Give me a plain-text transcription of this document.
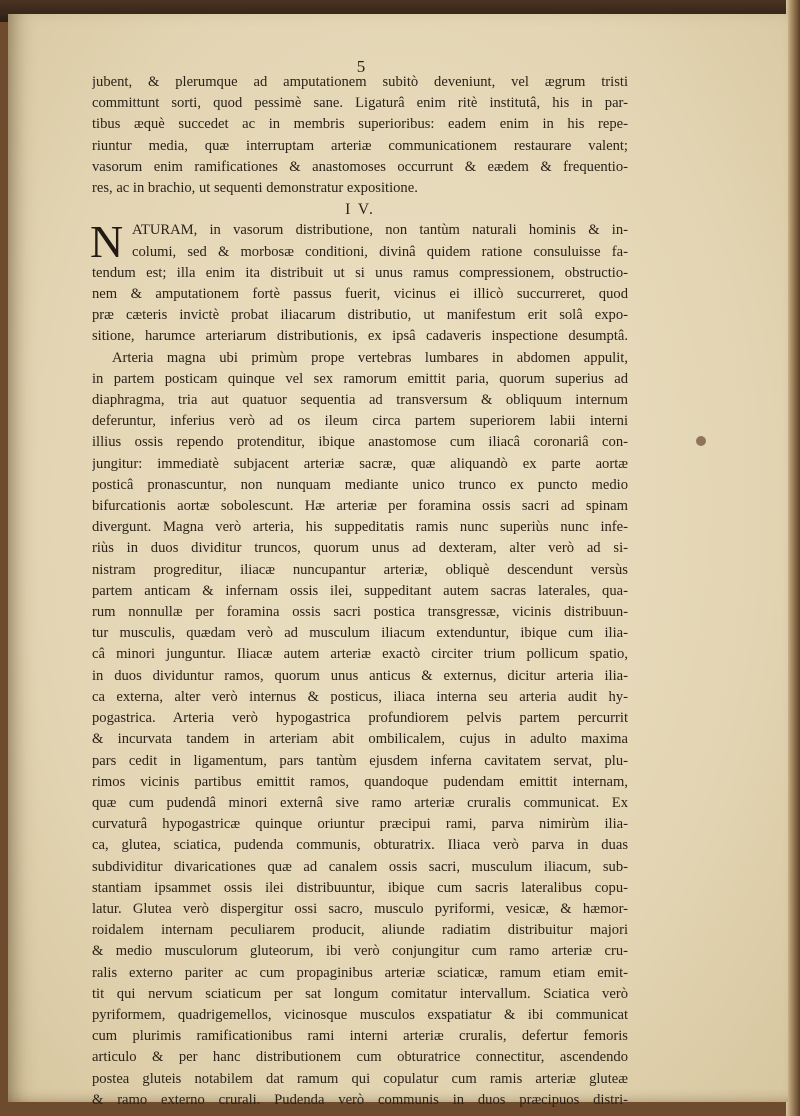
5
jubent, & plerumque ad amputationem subitò deveniunt, vel ægrum tristi
committunt sorti, quod pessimè sane. Ligaturâ enim ritè institutâ, his in par-
tibus æquè succedet ac in membris superioribus: eadem enim in his repe-
riuntur media, quæ interruptam arteriæ communicationem restaurare valent;
vasorum enim ramificationes & anastomoses occurrunt & eædem & frequentio-
res, ac in brachio, ut sequenti demonstratur expositione.
I V.
N ATURAM, in vasorum distributione, non tantùm naturali hominis & in-
columi, sed & morbosæ conditioni, divinâ quidem ratione consuluisse fa-
tendum est; illa enim ita distribuit ut si unus ramus compressionem, obstructio-
nem & amputationem fortè passus fuerit, vicinus ei illicò succurreret, quod
præ cæteris invictè probat iliacarum distributio, ut manifestum erit solâ expo-
sitione, harumce arteriarum distributionis, ex ipsâ cadaveris inspectione desumptâ.
Arteria magna ubi primùm prope vertebras lumbares in abdomen appulit,
in partem posticam quinque vel sex ramorum emittit paria, quorum superius ad
diaphragma, tria aut quatuor sequentia ad transversum & obliquum internum
deferuntur, inferius verò ad os ileum circa partem superiorem labii interni
illius ossis rependo protenditur, ibique anastomose cum iliacâ coronariâ con-
jungitur: immediatè subjacent arteriæ sacræ, quæ aliquandò ex parte aortæ
posticâ pronascuntur, non nunquam mediante unico trunco ex puncto medio
bifurcationis aortæ sobolescunt. Hæ arteriæ per foramina ossis sacri ad spinam
divergunt. Magna verò arteria, his suppeditatis ramis nunc superiùs nunc infe-
riùs in duos dividitur truncos, quorum unus ad dexteram, alter verò ad si-
nistram progreditur, iliacæ nuncupantur arteriæ, obliquè descendunt versùs
partem anticam & infernam ossis ilei, suppeditant autem sacras laterales, qua-
rum nonnullæ per foramina ossis sacri postica transgressæ, vicinis distribuun-
tur musculis, quædam verò ad musculum iliacum extenduntur, ibique cum ilia-
câ minori junguntur. Iliacæ autem arteriæ exactò circiter trium pollicum spatio,
in duos dividuntur ramos, quorum unus anticus & externus, dicitur arteria ilia-
ca externa, alter verò internus & posticus, iliaca interna seu arteria audit hy-
pogastrica. Arteria verò hypogastrica profundiorem pelvis partem percurrit
& incurvata tandem in arteriam abit ombilicalem, cujus in adulto maxima
pars cedit in ligamentum, pars tantùm ejusdem inferna cavitatem servat, plu-
rimos vicinis partibus emittit ramos, quandoque pudendam emittit internam,
quæ cum pudendâ minori externâ sive ramo arteriæ cruralis communicat. Ex
curvaturâ hypogastricæ quinque oriuntur præcipui rami, parva nimirùm ilia-
ca, glutea, sciatica, pudenda communis, obturatrix. Iliaca verò parva in duas
subdividitur divaricationes quæ ad canalem ossis sacri, musculum iliacum, sub-
stantiam ipsammet ossis ilei distribuuntur, ibique cum sacris lateralibus copu-
latur. Glutea verò dispergitur ossi sacro, musculo pyriformi, vesicæ, & hæmor-
roidalem internam peculiarem producit, aliunde radiatim distribuitur majori
& medio musculorum gluteorum, ibi verò conjungitur cum ramo arteriæ cru-
ralis externo pariter ac cum propaginibus arteriæ sciaticæ, ramum etiam emit-
tit qui nervum sciaticum per sat longum comitatur intervallum. Sciatica verò
pyriformem, quadrigemellos, vicinosque musculos exspatiatur & ibi communicat
cum plurimis ramificationibus rami interni arteriæ cruralis, defertur femoris
articulo & per hanc distributionem cum obturatrice connectitur, ascendendo
postea gluteis notabilem dat ramum qui copulatur cum ramis arteriæ gluteæ
& ramo externo crurali. Pudenda verò communis in duos præcipuos distri-
